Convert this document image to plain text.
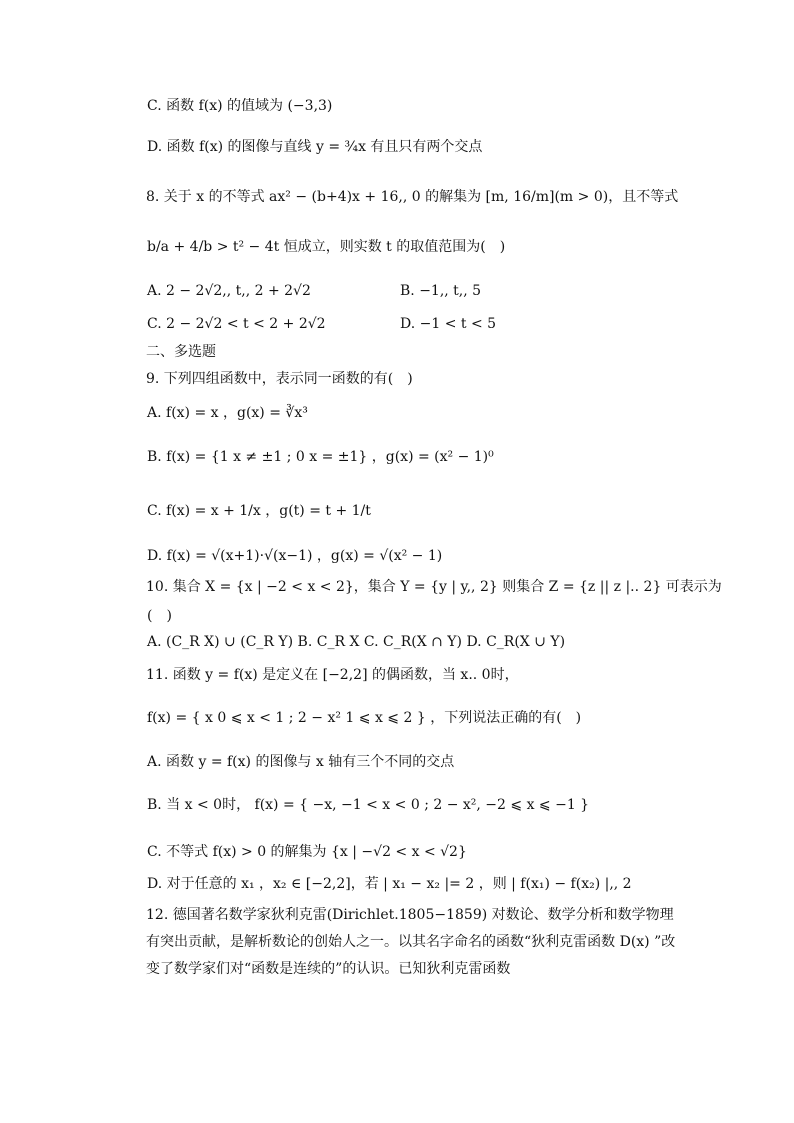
C. 函数 f(x) 的值域为 (−3,3)
D. 函数 f(x) 的图像与直线 y = ¾x 有且只有两个交点
8. 关于 x 的不等式 ax² − (b+4)x + 16,, 0 的解集为 [m, 16/m](m > 0)，且不等式
b/a + 4/b > t² − 4t 恒成立，则实数 t 的取值范围为(　)
A. 2 − 2√2,, t,, 2 + 2√2	B. −1,, t,, 5
C. 2 − 2√2 < t < 2 + 2√2	D. −1 < t < 5
二、多选题
9. 下列四组函数中，表示同一函数的有(　)
A. f(x) = x ，g(x) = ∛x³
B. f(x) = {1 x ≠ ±1 ; 0 x = ±1} ，g(x) = (x² − 1)⁰
C. f(x) = x + 1/x ，g(t) = t + 1/t
D. f(x) = √(x+1)·√(x−1) ，g(x) = √(x² − 1)
10. 集合 X = {x | −2 < x < 2}，集合 Y = {y | y,, 2} 则集合 Z = {z || z |.. 2} 可表示为
(　)
A. (C_R X) ∪ (C_R Y) B. C_R X C. C_R(X ∩ Y) D. C_R(X ∪ Y)
11. 函数 y = f(x) 是定义在 [−2,2] 的偶函数，当 x.. 0时，
f(x) = { x 0 ⩽ x < 1 ; 2 − x² 1 ⩽ x ⩽ 2 } ，下列说法正确的有(　)
A. 函数 y = f(x) 的图像与 x 轴有三个不同的交点
B. 当 x < 0时， f(x) = { −x, −1 < x < 0 ; 2 − x², −2 ⩽ x ⩽ −1 }
C. 不等式 f(x) > 0 的解集为 {x | −√2 < x < √2}
D. 对于任意的 x₁ ，x₂ ∈ [−2,2]，若 | x₁ − x₂ |= 2 ，则 | f(x₁) − f(x₂) |,, 2
12. 德国著名数学家狄利克雷(Dirichlet.1805−1859) 对数论、数学分析和数学物理有突出贡献，是解析数论的创始人之一。以其名字命名的函数“狄利克雷函数 D(x) ”改变了数学家们对“函数是连续的”的认识。已知狄利克雷函数
